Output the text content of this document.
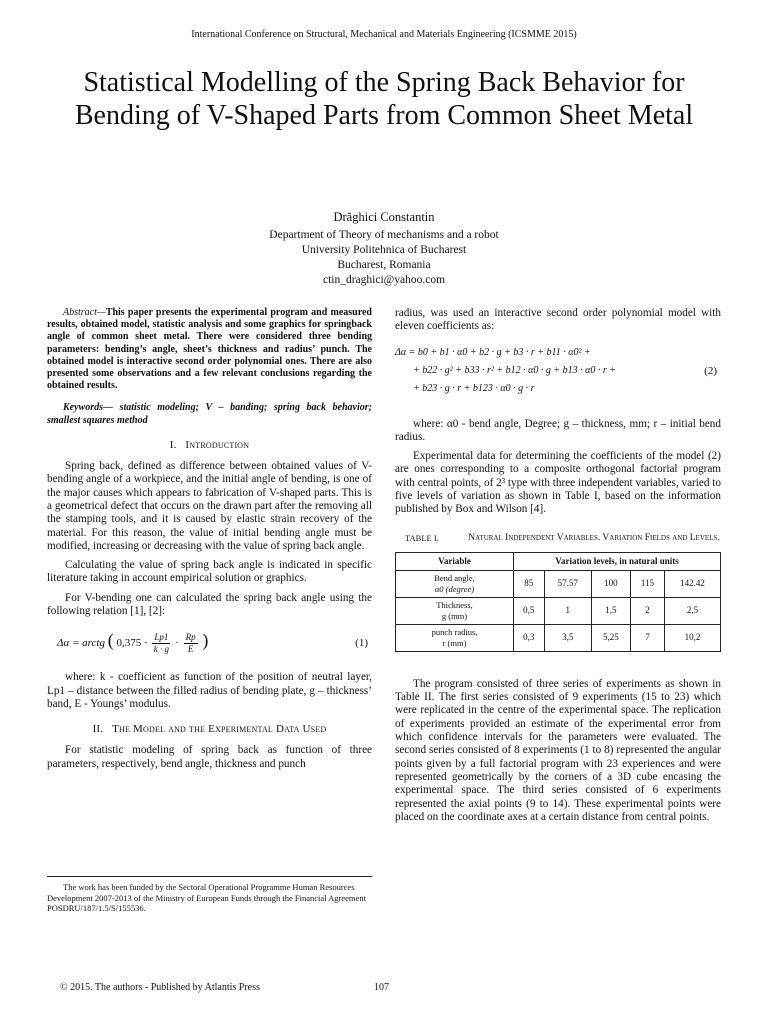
International Conference on Structural, Mechanical and Materials Engineering (ICSMME 2015)
Statistical Modelling of the Spring Back Behavior for Bending of V-Shaped Parts from Common Sheet Metal
Drăghici Constantin
Department of Theory of mechanisms and a robot
University Politehnica of Bucharest
Bucharest, Romania
ctin_draghici@yahoo.com

Abstract—This paper presents the experimental program and measured results, obtained model, statistic analysis and some graphics for springback angle of common sheet metal. There were considered three bending parameters: bending’s angle, sheet’s thickness and radius’ punch. The obtained model is interactive second order polynomial ones. There are also presented some observations and a few relevant conclusions regarding the obtained results.

Keywords— statistic modeling; V – banding; spring back behavior; smallest squares method

I. Introduction

Spring back, defined as difference between obtained values of V-bending angle of a workpiece, and the initial angle of bending, is one of the major causes which appears to fabrication of V-shaped parts. This is a geometrical defect that occurs on the drawn part after the removing all the stamping tools, and it is caused by elastic strain recovery of the material. For this reason, the value of initial bending angle must be modified, increasing or decreasing with the value of spring back angle.

Calculating the value of spring back angle is indicated in specific literature taking in account empirical solution or graphics.

For V-bending one can calculated the spring back angle using the following relation [1], [2]:

Δα = arctg ( $0,375 \cdot \frac{Lp1}{k \cdot g} \cdot \frac{Rp}{E}$ )	(1)

where: k - coefficient as function of the position of neutral layer, Lp1 – distance between the filled radius of bending plate, g – thickness’ band, E - Youngs’ modulus.

II. The Model and the Experimental Data Used

For statistic modeling of spring back as function of three parameters, respectively, bend angle, thickness and punch

radius, was used an interactive second order polynomial model with eleven coefficients as:

Δα = b0 + b1 · α0 + b2 · g + b3 · r + b11 · α0² +
+ b22 · g² + b33 · r² + b12 · α0 · g + b13 · α0 · r +
+ b23 · g · r + b123 · α0 · g · r
(2)

where: α0 - bend angle, Degree; g – thickness, mm; r – initial bend radius.

Experimental data for determining the coefficients of the model (2) are ones corresponding to a composite orthogonal factorial program with central points, of 2³ type with three independent variables, varied to five levels of variation as shown in Table I, based on the information published by Box and Wilson [4].

TABLE I.	Natural Independent Variables. Variation Fields and Levels.
Variable	Variation levels, in natural units				

Bend angle,
α0 (degree)	85	57.57	100	115	142.42

Thickness,
g (mm)	0,5	1	1,5	2	2,5

punch radius,
r (mm)	0,3	3,5	5,25	7	10,2

The program consisted of three series of experiments as shown in Table II. The first series consisted of 9 experiments (15 to 23) which were replicated in the centre of the experimental space. The replication of experiments provided an estimate of the experimental error from which confidence intervals for the parameters were evaluated. The second series consisted of 8 experiments (1 to 8) represented the angular points given by a full factorial program with 23 experiences and were represented geometrically by the corners of a 3D cube encasing the experimental space. The third series consisted of 6 experiments represented the axial points (9 to 14). These experimental points were placed on the coordinate axes at a certain distance from central points.

The work has been funded by the Sectoral Operational Programme Human Resources Development 2007-2013 of the Ministry of European Funds through the Financial Agreement POSDRU/187/1.5/S/155536.
© 2015. The authors - Published by Atlantis Press	107
